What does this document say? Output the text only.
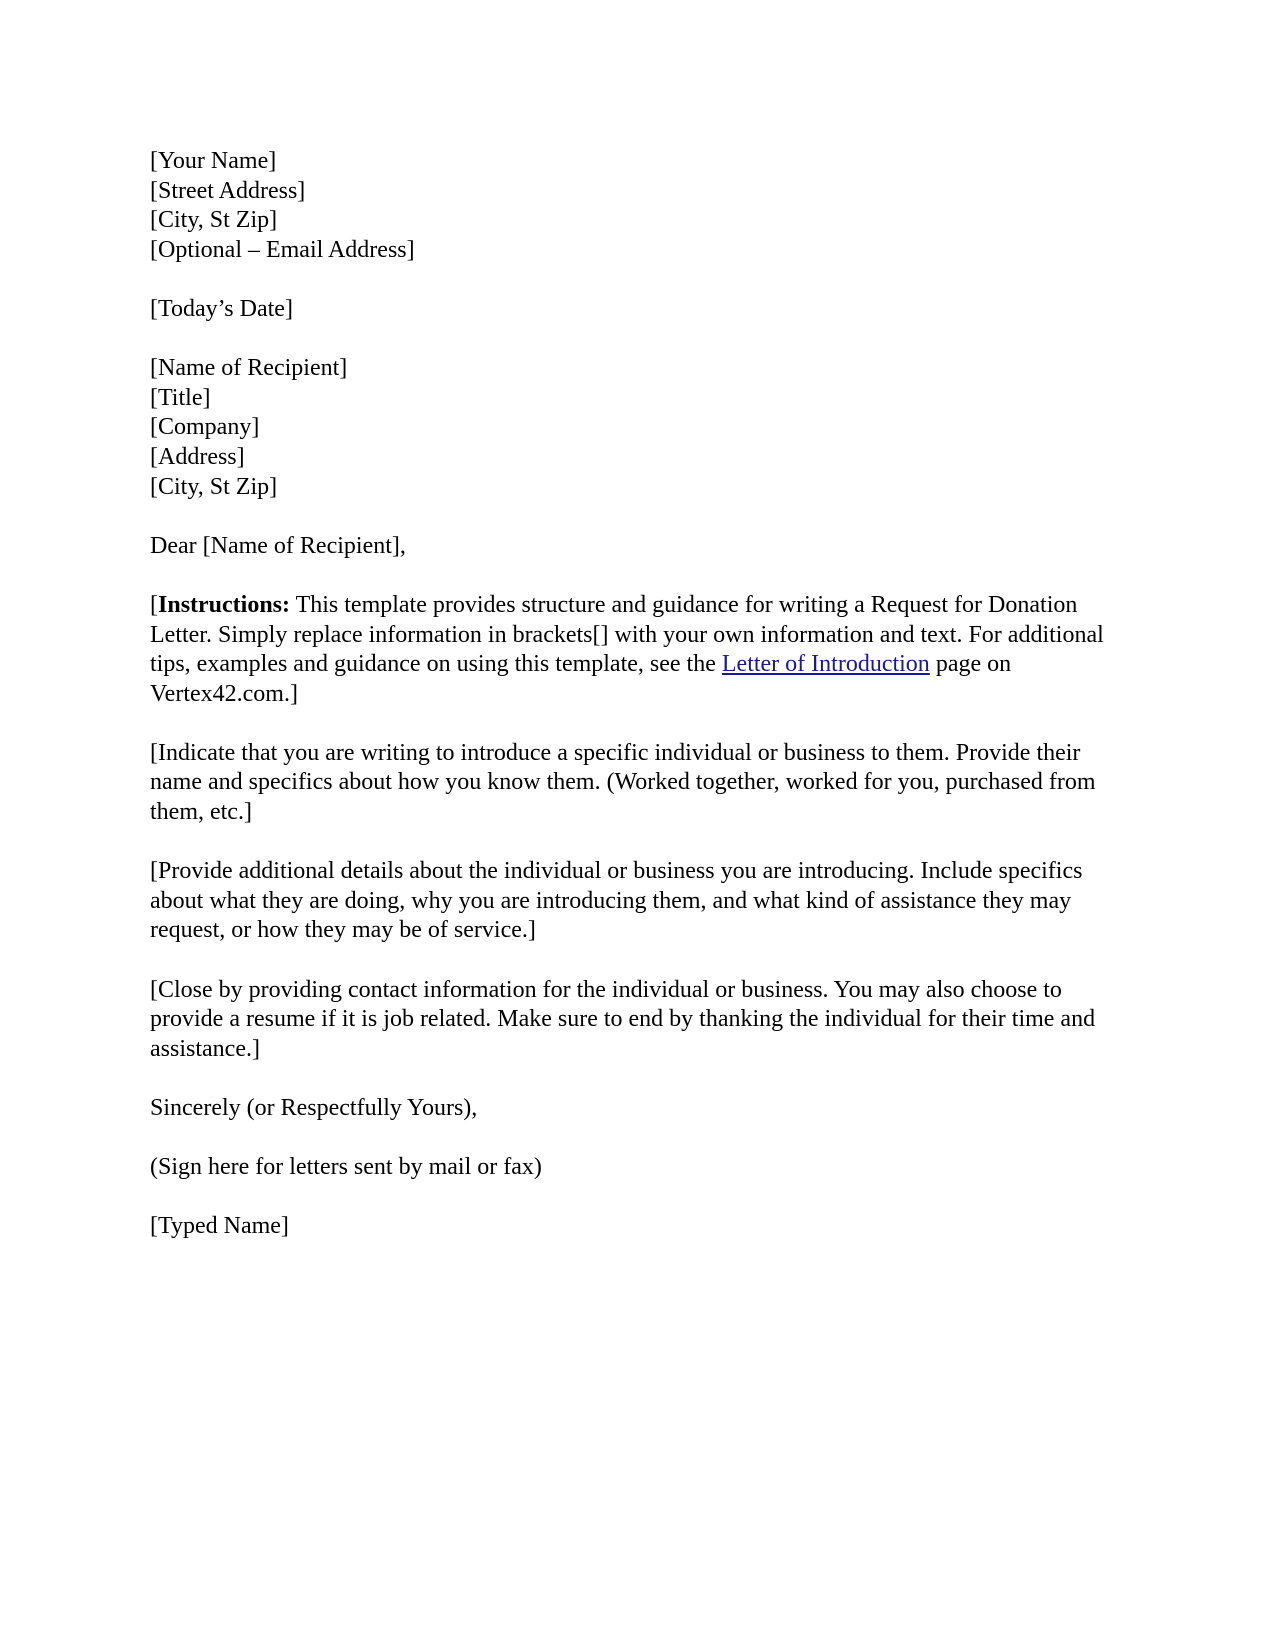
[Your Name]
[Street Address]
[City, St Zip]
[Optional – Email Address]
[Today’s Date]
[Name of Recipient]
[Title]
[Company]
[Address]
[City, St Zip]
Dear [Name of Recipient],

[Instructions: This template provides structure and guidance for writing a Request for Donation Letter. Simply replace information in brackets[] with your own information and text. For additional tips, examples and guidance on using this template, see the Letter of Introduction page on Vertex42.com.]

[Indicate that you are writing to introduce a specific individual or business to them. Provide their name and specifics about how you know them. (Worked together, worked for you, purchased from them, etc.]

[Provide additional details about the individual or business you are introducing. Include specifics about what they are doing, why you are introducing them, and what kind of assistance they may request, or how they may be of service.]

[Close by providing contact information for the individual or business. You may also choose to provide a resume if it is job related. Make sure to end by thanking the individual for their time and assistance.]

Sincerely (or Respectfully Yours),
(Sign here for letters sent by mail or fax)
[Typed Name]
